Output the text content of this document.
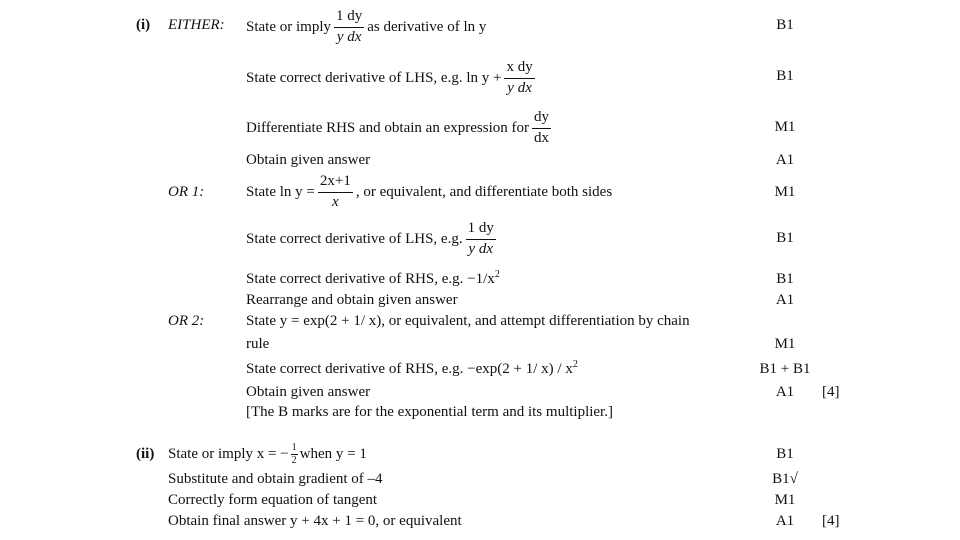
(i) EITHER: State or imply $\frac{1 dy}{\text{y dx}}$ as derivative of ln y	B1
State correct derivative of LHS, e.g. $\ln y + \frac{\text{x dy}}{\text{y dx}}$	B1
Differentiate RHS and obtain an expression for $\frac{dy}{dx}$	M1
Obtain given answer	A1
OR 1:	State $\ln y = \frac{2x+1}{x}$ , or equivalent, and differentiate both sides	M1
State correct derivative of LHS, e.g. $\frac{1 dy}{\text{y dx}}$	B1
State correct derivative of RHS, e.g. $-1/x^2$	B1
Rearrange and obtain given answer	A1
OR 2:	State y = exp(2 + 1/ x), or equivalent, and attempt differentiation by chain
rule	M1
State correct derivative of RHS, e.g. −exp(2 + 1/ $x) / x^2$	B1 + B1
Obtain given answer	A1	[4]
[The B marks are for the exponential term and its multiplier.]
(ii) State or imply x = − $\frac{1}{2}$ when y = 1	B1
Substitute and obtain gradient of –4	B1√
Correctly form equation of tangent	M1
Obtain final answer y + 4x + 1 = 0, or equivalent	A1	[4]
